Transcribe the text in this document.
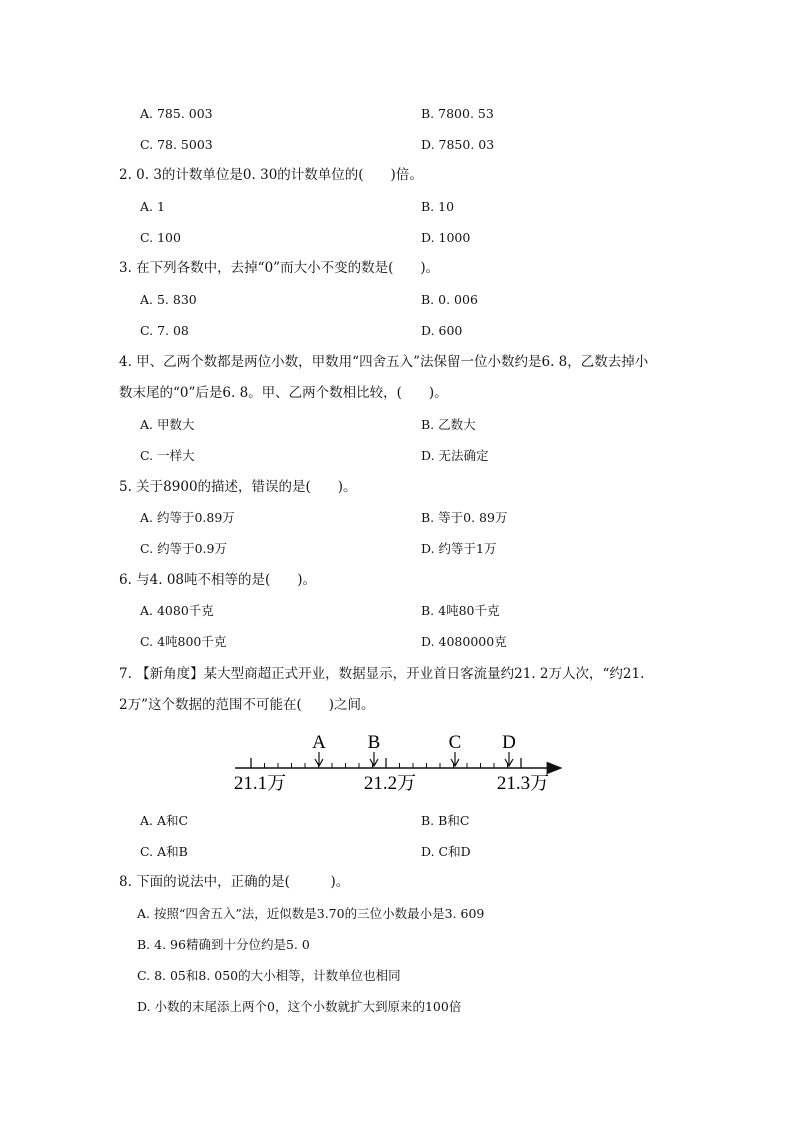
A. 785. 003	B. 7800. 53
C. 78. 5003	D. 7850. 03
2. 0. 3的计数单位是0. 30的计数单位的(　　)倍。
A. 1	B. 10
C. 100	D. 1000
3. 在下列各数中，去掉“0”而大小不变的数是(　　)。
A. 5. 830	B. 0. 006
C. 7. 08	D. 600
4. 甲、乙两个数都是两位小数，甲数用“四舍五入”法保留一位小数约是6. 8，乙数去掉小
数末尾的“0”后是6. 8。甲、乙两个数相比较，(　　)。
A. 甲数大	B. 乙数大
C. 一样大	D. 无法确定
5. 关于8900的描述，错误的是(　　)。
A. 约等于0.89万	B. 等于0. 89万
C. 约等于0.9万	D. 约等于1万
6. 与4. 08吨不相等的是(　　)。
A. 4080千克	B. 4吨80千克
C. 4吨800千克	D. 4080000克
7. 【新角度】某大型商超正式开业，数据显示，开业首日客流量约21. 2万人次，“约21.
2万”这个数据的范围不可能在(　　)之间。
A B	C D
21.1万	21.2万	21.3万
A. A和C	B. B和C
C. A和B	D. C和D
8. 下面的说法中，正确的是(　　　)。
A. 按照“四舍五入”法，近似数是3.70的三位小数最小是3. 609
B. 4. 96精确到十分位约是5. 0
C. 8. 05和8. 050的大小相等，计数单位也相同
D. 小数的末尾添上两个0，这个小数就扩大到原来的100倍
